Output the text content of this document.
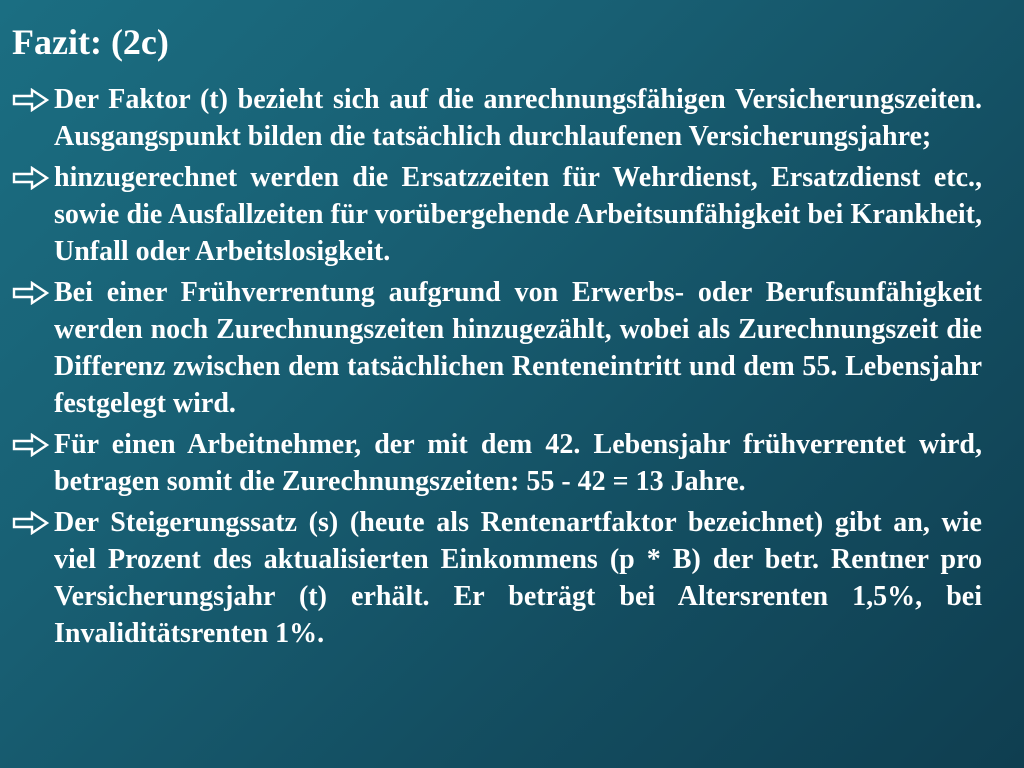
Fazit: (2c)
Der Faktor (t) bezieht sich auf die anrechnungsfähigen Versicherungszeiten. Ausgangspunkt bilden die tatsächlich durchlaufenen Versicherungsjahre;
hinzugerechnet werden die Ersatzzeiten für Wehrdienst, Ersatzdienst etc., sowie die Ausfallzeiten für vorübergehende Arbeitsunfähigkeit bei Krankheit, Unfall oder Arbeitslosigkeit.
Bei einer Frühverrentung aufgrund von Erwerbs- oder Berufsunfähigkeit werden noch Zurechnungszeiten hinzugezählt, wobei als Zurechnungszeit die Differenz zwischen dem tatsächlichen Renteneintritt und dem 55. Lebensjahr festgelegt wird.
Für einen Arbeitnehmer, der mit dem 42. Lebensjahr frühverrentet wird, betragen somit die Zurechnungszeiten: 55 - 42 = 13 Jahre.
Der Steigerungssatz (s) (heute als Rentenartfaktor bezeichnet) gibt an, wie viel Prozent des aktualisierten Einkommens (p * B) der betr. Rentner pro Versicherungsjahr (t) erhält. Er beträgt bei Altersrenten 1,5%, bei Invaliditätsrenten 1%.
